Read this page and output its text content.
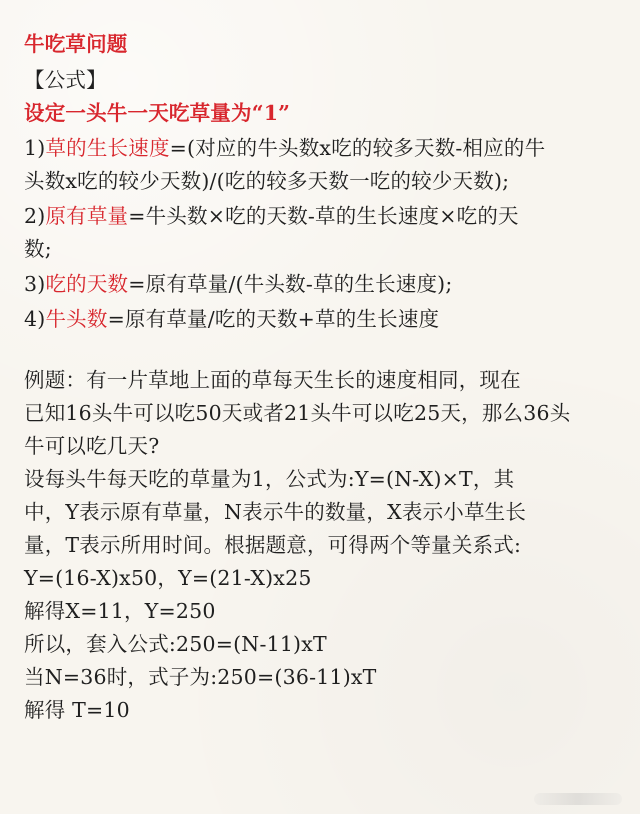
牛吃草问题
【公式】
设定一头牛一天吃草量为“1”
1)草的生长速度=(对应的牛头数x吃的较多天数-相应的牛
头数x吃的较少天数)/(吃的较多天数一吃的较少天数);
2)原有草量=牛头数×吃的天数-草的生长速度×吃的天
数;
3)吃的天数=原有草量/(牛头数-草的生长速度);
4)牛头数=原有草量/吃的天数+草的生长速度
例题：有一片草地上面的草每天生长的速度相同，现在
已知16头牛可以吃50天或者21头牛可以吃25天，那么36头
牛可以吃几天?
设每头牛每天吃的草量为1，公式为:Y=(N-X)×T，其
中，Y表示原有草量，N表示牛的数量，X表示小草生长
量，T表示所用时间。根据题意，可得两个等量关系式:
Y=(16-X)x50，Y=(21-X)x25
解得X=11，Y=250
所以，套入公式:250=(N-11)xT
当N=36时，式子为:250=(36-11)xT
解得 T=10
